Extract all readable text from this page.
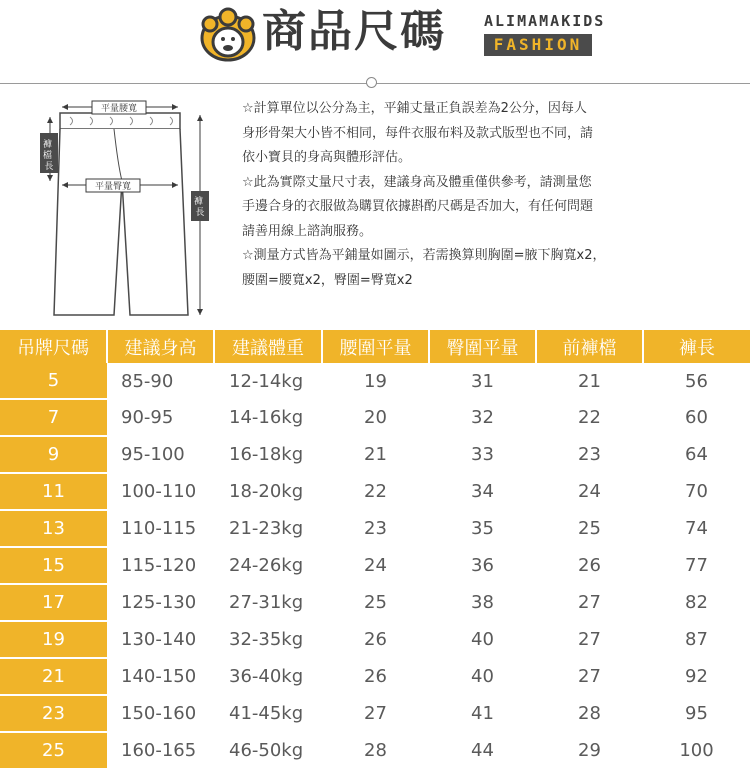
商品尺碼	ALIMAMAKIDS
FASHION
平量腰寬
平量臀寬
褲 檔 長
褲 長

☆計算單位以公分為主，平鋪丈量正負誤差為2公分，因每人

身形骨架大小皆不相同，每件衣服布料及款式版型也不同，請

依小寶貝的身高與體形評估。

☆此為實際丈量尺寸表，建議身高及體重僅供參考，請測量您

手邊合身的衣服做為購買依據斟酌尺碼是否加大，有任何問題

請善用線上諮詢服務。

☆測量方式皆為平鋪量如圖示，若需換算則胸圍=腋下胸寬x2，

腰圍=腰寬x2，臀圍=臀寬x2

吊牌尺碼	建議身高	建議體重	腰圍平量	臀圍平量	前褲檔	褲長
5	85-90	12-14kg	19	31	21	56
7	90-95	14-16kg	20	32	22	60
9	95-100	16-18kg	21	33	23	64
11	100-110	18-20kg	22	34	24	70
13	110-115	21-23kg	23	35	25	74
15	115-120	24-26kg	24	36	26	77
17	125-130	27-31kg	25	38	27	82
19	130-140	32-35kg	26	40	27	87
21	140-150	36-40kg	26	40	27	92
23	150-160	41-45kg	27	41	28	95
25	160-165	46-50kg	28	44	29	100
